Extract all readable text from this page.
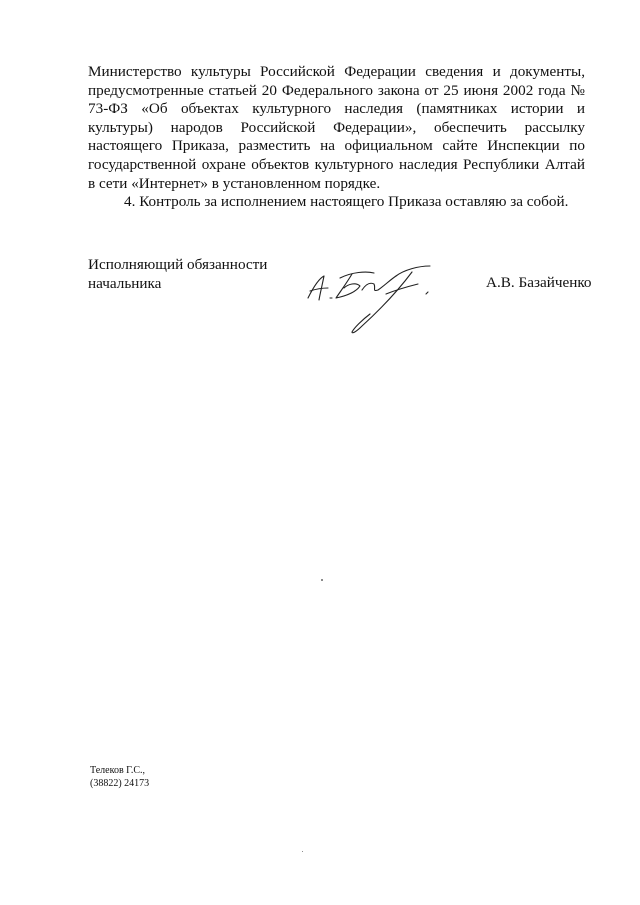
Министерство культуры Российской Федерации сведения и документы, предусмотренные статьей 20 Федерального закона от 25 июня 2002 года № 73-ФЗ «Об объектах культурного наследия (памятниках истории и культуры) народов Российской Федерации», обеспечить рассылку настоящего Приказа, разместить на официальном сайте Инспекции по государственной охране объектов культурного наследия Республики Алтай в сети «Интернет» в установленном порядке.

4. Контроль за исполнением настоящего Приказа оставляю за собой.

Исполняющий обязанности
начальника	А.В. Базайченко
Телеков Г.С.,
(38822) 24173
